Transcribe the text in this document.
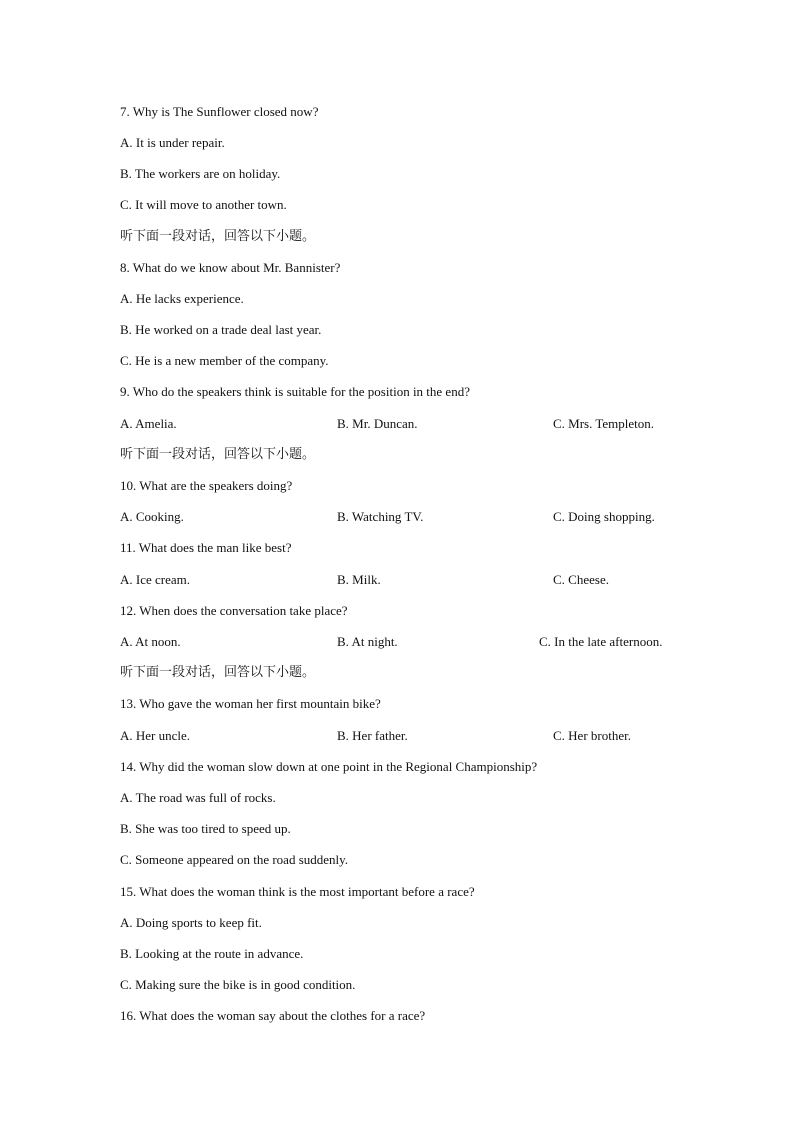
7. Why is The Sunflower closed now?
A. It is under repair.
B. The workers are on holiday.
C. It will move to another town.
听下面一段对话，回答以下小题。
8. What do we know about Mr. Bannister?
A. He lacks experience.
B. He worked on a trade deal last year.
C. He is a new member of the company.
9. Who do the speakers think is suitable for the position in the end?
A. Amelia.	B. Mr. Duncan.	C. Mrs. Templeton.
听下面一段对话，回答以下小题。
10. What are the speakers doing?
A. Cooking.	B. Watching TV.	C. Doing shopping.
11. What does the man like best?
A. Ice cream.	B. Milk.	C. Cheese.
12. When does the conversation take place?
A. At noon.	B. At night.	C. In the late afternoon.
听下面一段对话，回答以下小题。
13. Who gave the woman her first mountain bike?
A. Her uncle.	B. Her father.	C. Her brother.
14. Why did the woman slow down at one point in the Regional Championship?
A. The road was full of rocks.
B. She was too tired to speed up.
C. Someone appeared on the road suddenly.
15. What does the woman think is the most important before a race?
A. Doing sports to keep fit.
B. Looking at the route in advance.
C. Making sure the bike is in good condition.
16. What does the woman say about the clothes for a race?
